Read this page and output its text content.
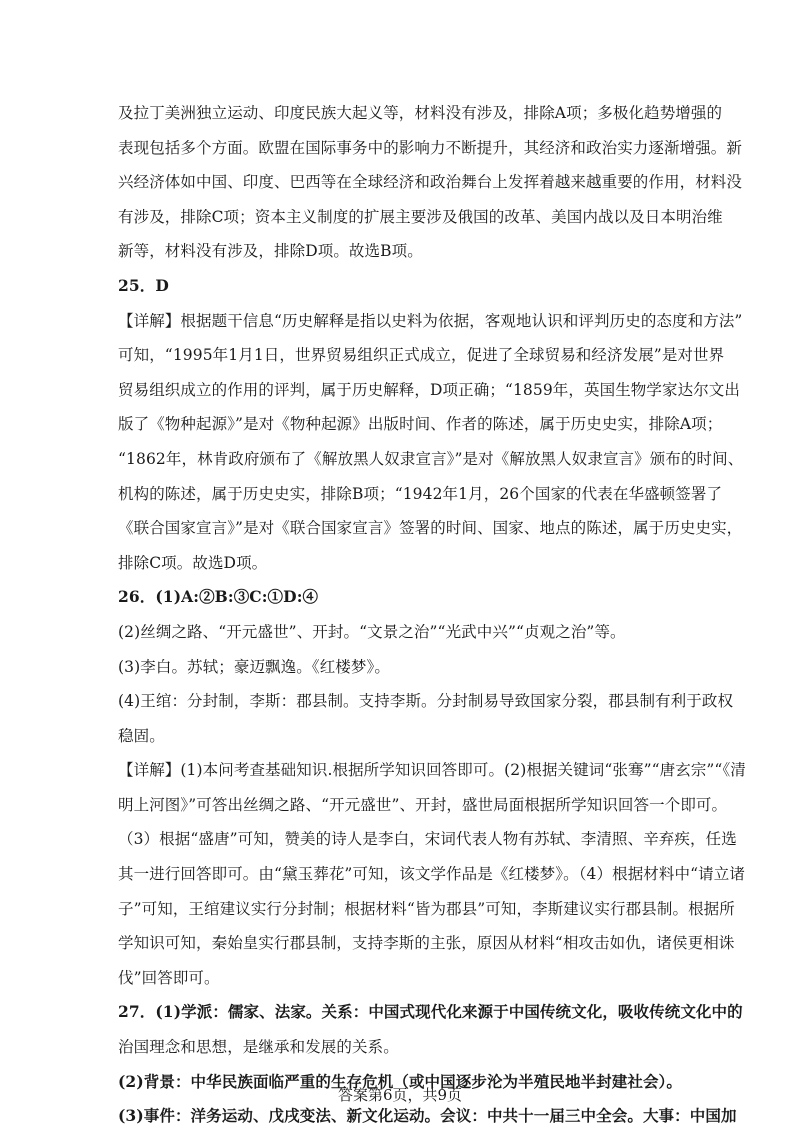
及拉丁美洲独立运动、印度民族大起义等，材料没有涉及，排除A项；多极化趋势增强的
表现包括多个方面。欧盟在国际事务中的影响力不断提升，其经济和政治实力逐渐增强。新
兴经济体如中国、印度、巴西等在全球经济和政治舞台上发挥着越来越重要的作用，材料没
有涉及，排除C项；资本主义制度的扩展主要涉及俄国的改革、美国内战以及日本明治维
新等，材料没有涉及，排除D项。故选B项。
25．D
【详解】根据题干信息“历史解释是指以史料为依据，客观地认识和评判历史的态度和方法”
可知，“1995年1月1日，世界贸易组织正式成立，促进了全球贸易和经济发展”是对世界
贸易组织成立的作用的评判，属于历史解释，D项正确；“1859年，英国生物学家达尔文出
版了《物种起源》”是对《物种起源》出版时间、作者的陈述，属于历史史实，排除A项；
“1862年，林肯政府颁布了《解放黑人奴隶宣言》”是对《解放黑人奴隶宣言》颁布的时间、
机构的陈述，属于历史史实，排除B项；“1942年1月，26个国家的代表在华盛顿签署了
《联合国家宣言》”是对《联合国家宣言》签署的时间、国家、地点的陈述，属于历史史实，
排除C项。故选D项。
26．(1)A:②B:③C:①D:④
(2)丝绸之路、“开元盛世”、开封。“文景之治”“光武中兴”“贞观之治”等。
(3)李白。苏轼；豪迈飘逸。《红楼梦》。
(4)王绾：分封制，李斯：郡县制。支持李斯。分封制易导致国家分裂，郡县制有利于政权
稳固。
【详解】(1)本问考查基础知识.根据所学知识回答即可。(2)根据关键词“张骞”“唐玄宗”“《清
明上河图》”可答出丝绸之路、“开元盛世”、开封，盛世局面根据所学知识回答一个即可。
（3）根据“盛唐”可知，赞美的诗人是李白，宋词代表人物有苏轼、李清照、辛弃疾，任选
其一进行回答即可。由“黛玉葬花”可知，该文学作品是《红楼梦》。（4）根据材料中“请立诸
子”可知，王绾建议实行分封制；根据材料“皆为郡县”可知，李斯建议实行郡县制。根据所
学知识可知，秦始皇实行郡县制，支持李斯的主张，原因从材料“相攻击如仇，诸侯更相诛
伐”回答即可。
27．(1)学派：儒家、法家。关系：中国式现代化来源于中国传统文化，吸收传统文化中的
治国理念和思想，是继承和发展的关系。
(2)背景：中华民族面临严重的生存危机（或中国逐步沦为半殖民地半封建社会）。
(3)事件：洋务运动、戊戌变法、新文化运动。会议：中共十一届三中全会。大事：中国加
答案第6页，共9页
